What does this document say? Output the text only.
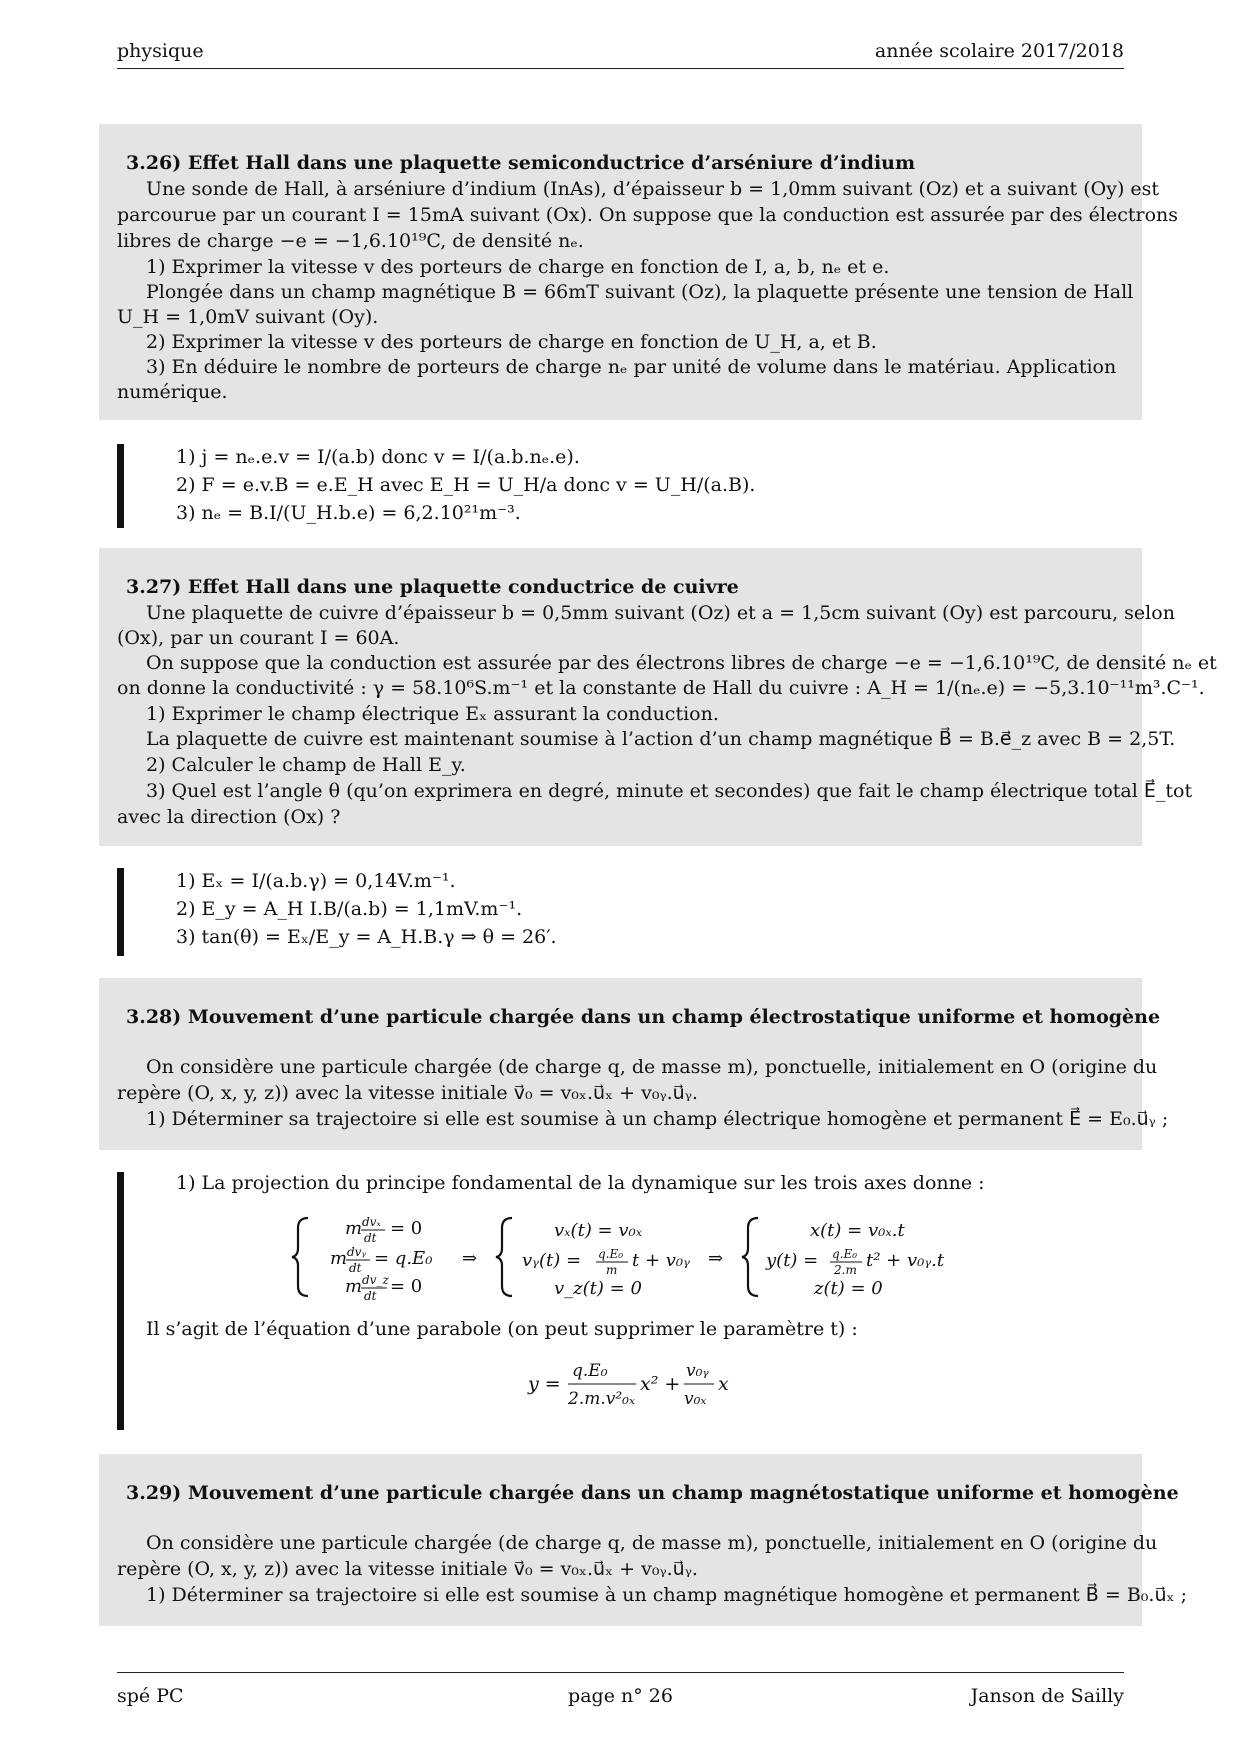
physique	année scolaire 2017/2018
3.26) Effet Hall dans une plaquette semiconductrice d’arséniure d’indium
Une sonde de Hall, à arséniure d’indium (InAs), d’épaisseur b = 1,0mm suivant (Oz) et a suivant (Oy) est
parcourue par un courant I = 15mA suivant (Ox). On suppose que la conduction est assurée par des électrons
libres de charge −e = −1,6.10¹⁹C, de densité nₑ.
1) Exprimer la vitesse v des porteurs de charge en fonction de I, a, b, nₑ et e.
Plongée dans un champ magnétique B = 66mT suivant (Oz), la plaquette présente une tension de Hall
U_H = 1,0mV suivant (Oy).
2) Exprimer la vitesse v des porteurs de charge en fonction de U_H, a, et B.
3) En déduire le nombre de porteurs de charge nₑ par unité de volume dans le matériau. Application
numérique.
1) j = nₑ.e.v = I/(a.b) donc v = I/(a.b.nₑ.e).
2) F = e.v.B = e.E_H avec E_H = U_H/a donc v = U_H/(a.B).
3) nₑ = B.I/(U_H.b.e) = 6,2.10²¹m⁻³.
3.27) Effet Hall dans une plaquette conductrice de cuivre
Une plaquette de cuivre d’épaisseur b = 0,5mm suivant (Oz) et a = 1,5cm suivant (Oy) est parcouru, selon
(Ox), par un courant I = 60A.
On suppose que la conduction est assurée par des électrons libres de charge −e = −1,6.10¹⁹C, de densité nₑ et
on donne la conductivité : γ = 58.10⁶S.m⁻¹ et la constante de Hall du cuivre : A_H = 1/(nₑ.e) = −5,3.10⁻¹¹m³.C⁻¹.
1) Exprimer le champ électrique Eₓ assurant la conduction.
La plaquette de cuivre est maintenant soumise à l’action d’un champ magnétique B⃗ = B.e⃗_z avec B = 2,5T.
2) Calculer le champ de Hall E_y.
3) Quel est l’angle θ (qu’on exprimera en degré, minute et secondes) que fait le champ électrique total E⃗_tot
avec la direction (Ox) ?
1) Eₓ = I/(a.b.γ) = 0,14V.m⁻¹.
2) E_y = A_H I.B/(a.b) = 1,1mV.m⁻¹.
3) tan(θ) = Eₓ/E_y = A_H.B.γ ⇒ θ = 26′.
3.28) Mouvement d’une particule chargée dans un champ électrostatique uniforme et homogène
On considère une particule chargée (de charge q, de masse m), ponctuelle, initialement en O (origine du
repère (O, x, y, z)) avec la vitesse initiale v⃗₀ = v₀ₓ.u⃗ₓ + v₀ᵧ.u⃗ᵧ.
1) Déterminer sa trajectoire si elle est soumise à un champ électrique homogène et permanent E⃗ = E₀.u⃗ᵧ ;
1) La projection du principe fondamental de la dynamique sur les trois axes donne :
m dvₓ
dt = 0
m dvᵧ
dt = q.E₀
m dv_z
dt = 0
⇒
vₓ(t) = v₀ₓ
vᵧ(t) = q.E₀
m t + v₀ᵧ
v_z(t) = 0
⇒
x(t) = v₀ₓ.t
y(t) = q.E₀
2.m t² + v₀ᵧ.t
z(t) = 0
Il s’agit de l’équation d’une parabole (on peut supprimer le paramètre t) :
y =
q.E₀
2.m.v²₀ₓ
x² +
v₀ᵧ
v₀ₓ
x
3.29) Mouvement d’une particule chargée dans un champ magnétostatique uniforme et homogène
On considère une particule chargée (de charge q, de masse m), ponctuelle, initialement en O (origine du
repère (O, x, y, z)) avec la vitesse initiale v⃗₀ = v₀ₓ.u⃗ₓ + v₀ᵧ.u⃗ᵧ.
1) Déterminer sa trajectoire si elle est soumise à un champ magnétique homogène et permanent B⃗ = B₀.u⃗ₓ ;
spé PC	page n° 26	Janson de Sailly
